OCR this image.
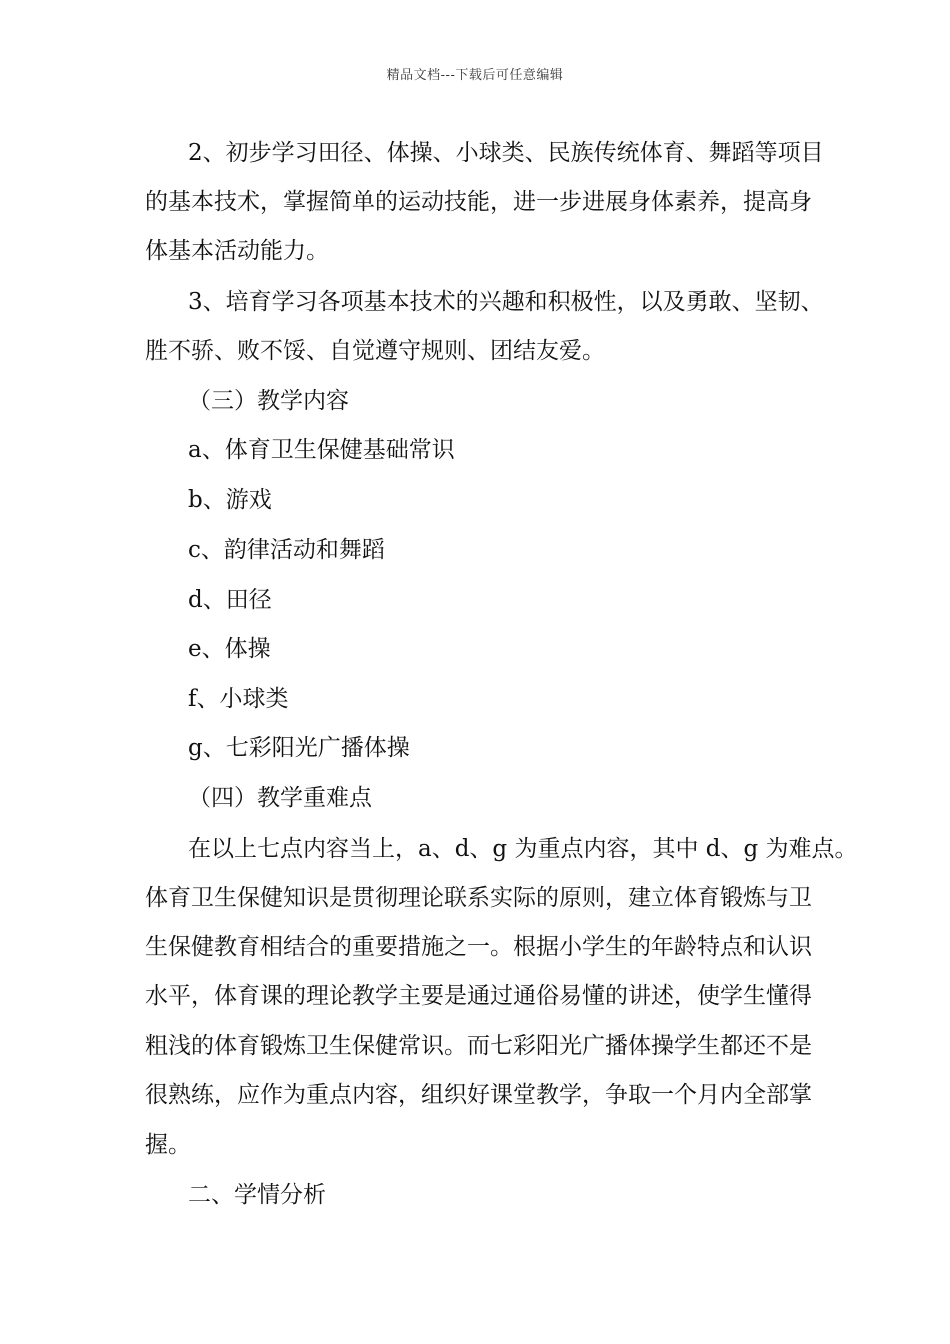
精品文档---下载后可任意编辑
2、初步学习田径、体操、小球类、民族传统体育、舞蹈等项目
的基本技术，掌握简单的运动技能，进一步进展身体素养，提高身
体基本活动能力。
3、培育学习各项基本技术的兴趣和积极性，以及勇敢、坚韧、
胜不骄、败不馁、自觉遵守规则、团结友爱。
（三）教学内容
a、体育卫生保健基础常识
b、游戏
c、韵律活动和舞蹈
d、田径
e、体操
f、小球类
g、七彩阳光广播体操
（四）教学重难点
在以上七点内容当上，a、d、g 为重点内容，其中 d、g 为难点。
体育卫生保健知识是贯彻理论联系实际的原则，建立体育锻炼与卫
生保健教育相结合的重要措施之一。根据小学生的年龄特点和认识
水平，体育课的理论教学主要是通过通俗易懂的讲述，使学生懂得
粗浅的体育锻炼卫生保健常识。而七彩阳光广播体操学生都还不是
很熟练，应作为重点内容，组织好课堂教学，争取一个月内全部掌
握。
二、学情分析
